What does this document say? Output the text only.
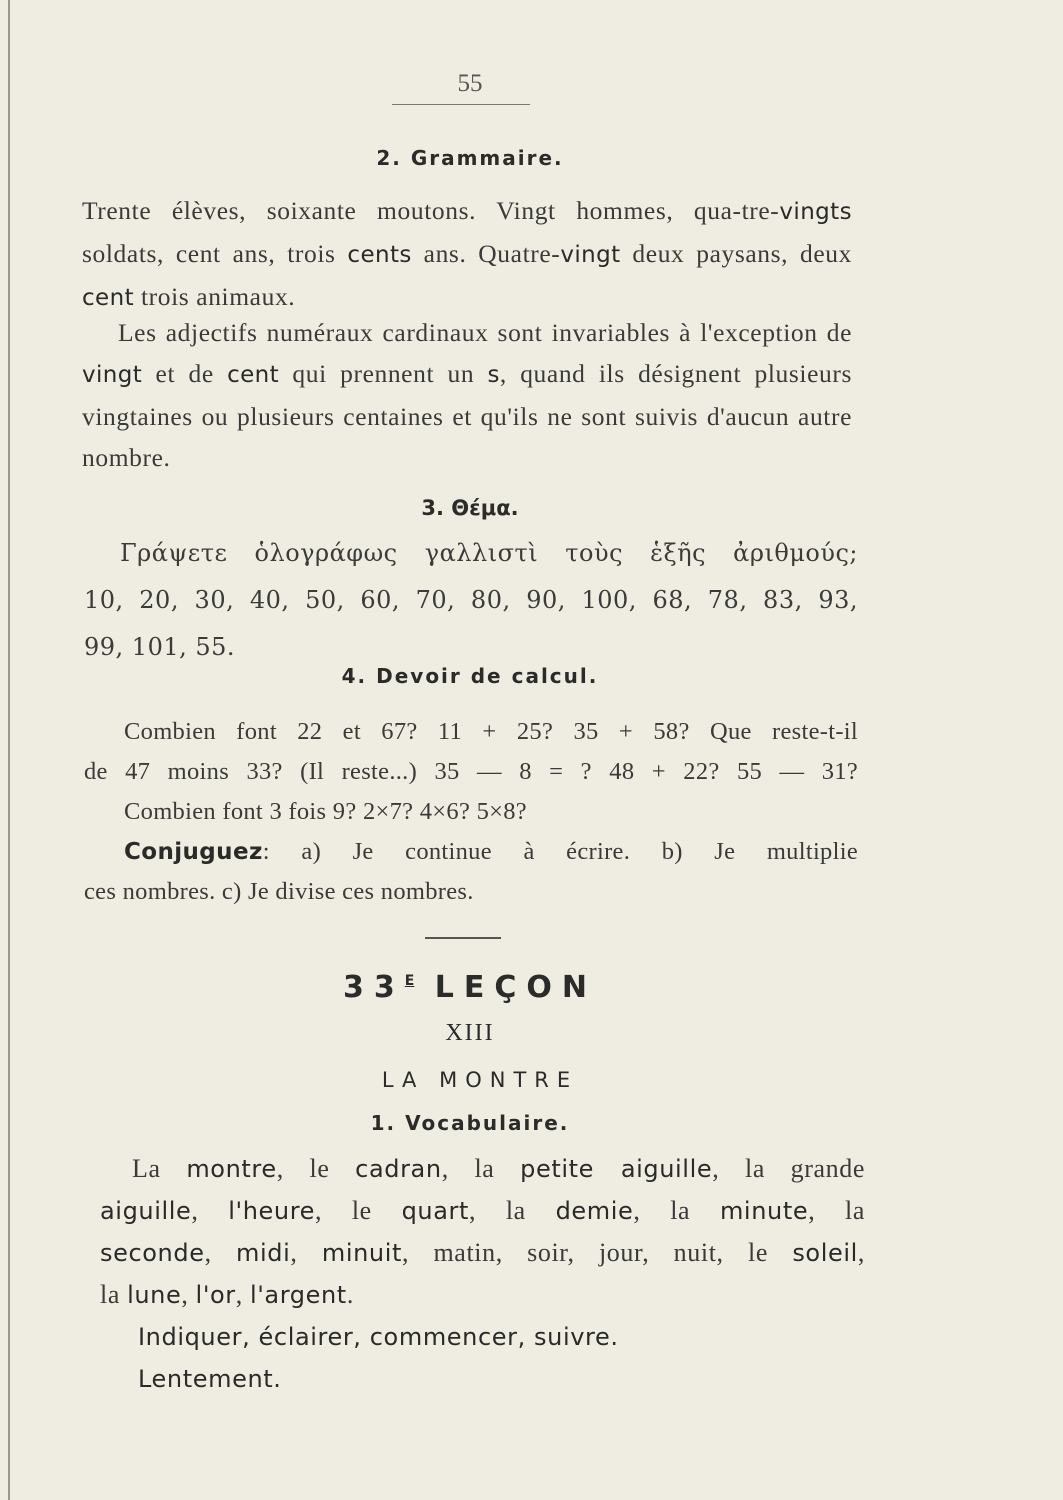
55
2. Grammaire.
Trente élèves, soixante moutons. Vingt hommes, qua-tre-vingts soldats, cent ans, trois cents ans. Quatre-vingt deux paysans, deux cent trois animaux.
Les adjectifs numéraux cardinaux sont invariables à l'exception de vingt et de cent qui prennent un s, quand ils désignent plusieurs vingtaines ou plusieurs centaines et qu'ils ne sont suivis d'aucun autre nombre.
3. Θέμα.
Γράψετε ὁλογράφως γαλλιστὶ τοὺς ἑξῆς ἀριθμούς;
10, 20, 30, 40, 50, 60, 70, 80, 90, 100, 68, 78, 83, 93,
99, 101, 55.
4. Devoir de calcul.
Combien font 22 et 67? 11 + 25? 35 + 58? Que reste-t-il
de 47 moins 33? (Il reste...) 35 — 8 = ? 48 + 22? 55 — 31?
Combien font 3 fois 9? 2×7? 4×6? 5×8?
Conjuguez: a) Je continue à écrire. b) Je multiplie
ces nombres. c) Je divise ces nombres.
$33^E$ LEÇON
XIII
LA MONTRE
1. Vocabulaire.
La montre, le cadran, la petite aiguille, la grande
aiguille, l'heure, le quart, la demie, la minute, la
seconde, midi, minuit, matin, soir, jour, nuit, le soleil,
la lune, l'or, l'argent.
Indiquer, éclairer, commencer, suivre.
Lentement.
